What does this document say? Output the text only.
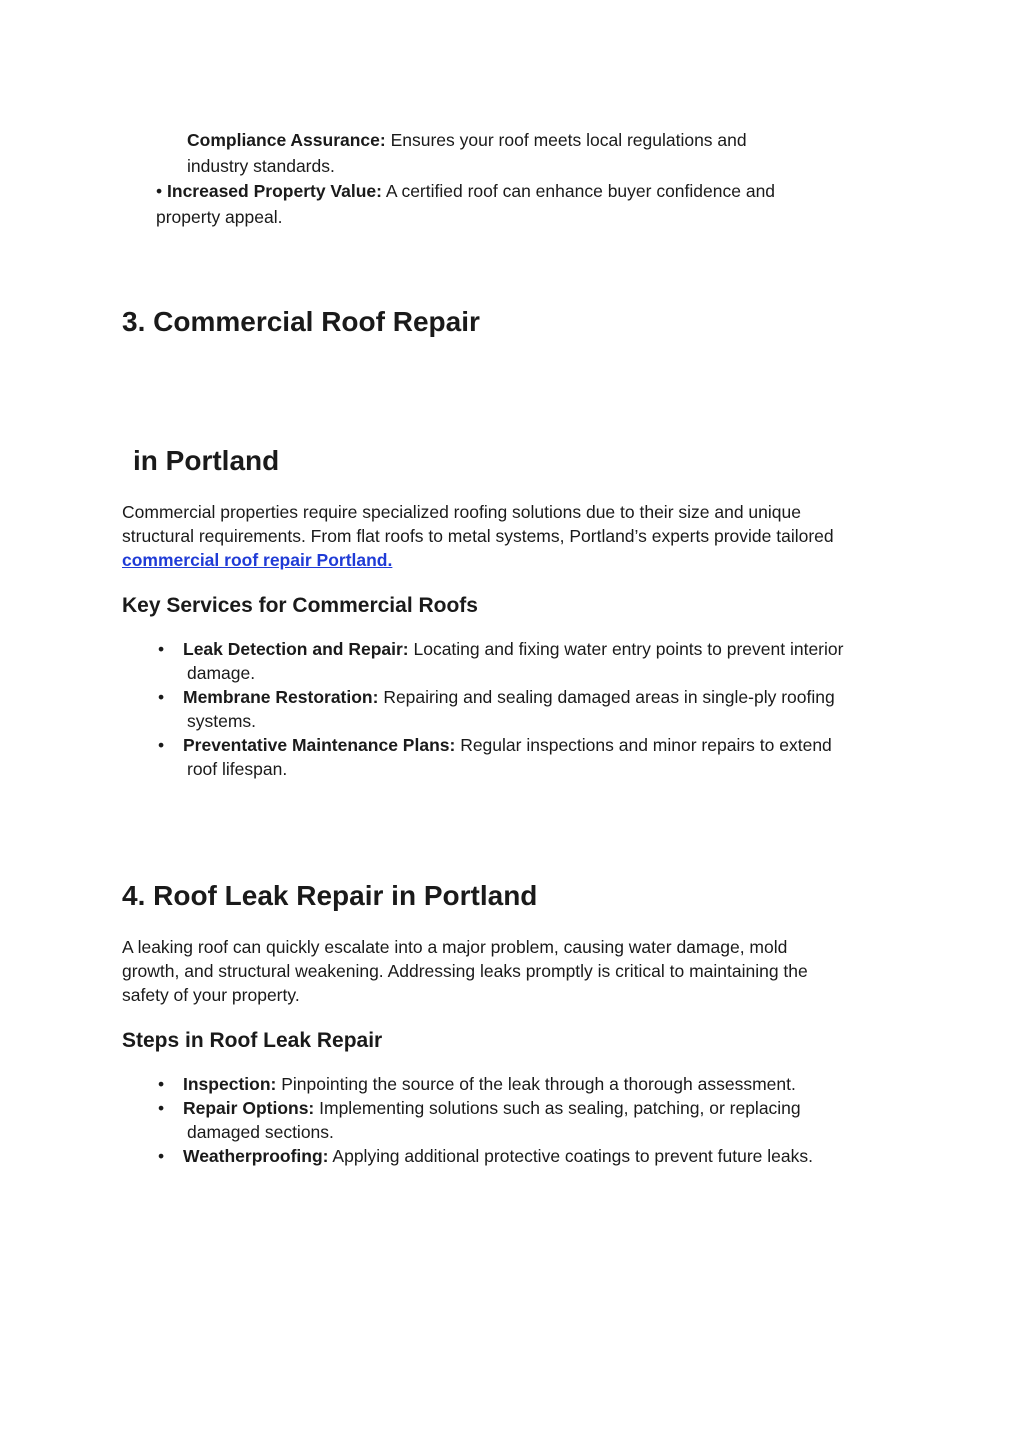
Compliance Assurance: Ensures your roof meets local regulations and
industry standards.
• Increased Property Value: A certified roof can enhance buyer confidence and
property appeal.
3. Commercial Roof Repair
in Portland
Commercial properties require specialized roofing solutions due to their size and unique
structural requirements. From flat roofs to metal systems, Portland’s experts provide tailored
commercial roof repair Portland.
Key Services for Commercial Roofs
• Leak Detection and Repair: Locating and fixing water entry points to prevent interior
damage.
• Membrane Restoration: Repairing and sealing damaged areas in single-ply roofing
systems.
• Preventative Maintenance Plans: Regular inspections and minor repairs to extend
roof lifespan.
4. Roof Leak Repair in Portland
A leaking roof can quickly escalate into a major problem, causing water damage, mold
growth, and structural weakening. Addressing leaks promptly is critical to maintaining the
safety of your property.
Steps in Roof Leak Repair
• Inspection: Pinpointing the source of the leak through a thorough assessment.
• Repair Options: Implementing solutions such as sealing, patching, or replacing
damaged sections.
• Weatherproofing: Applying additional protective coatings to prevent future leaks.
